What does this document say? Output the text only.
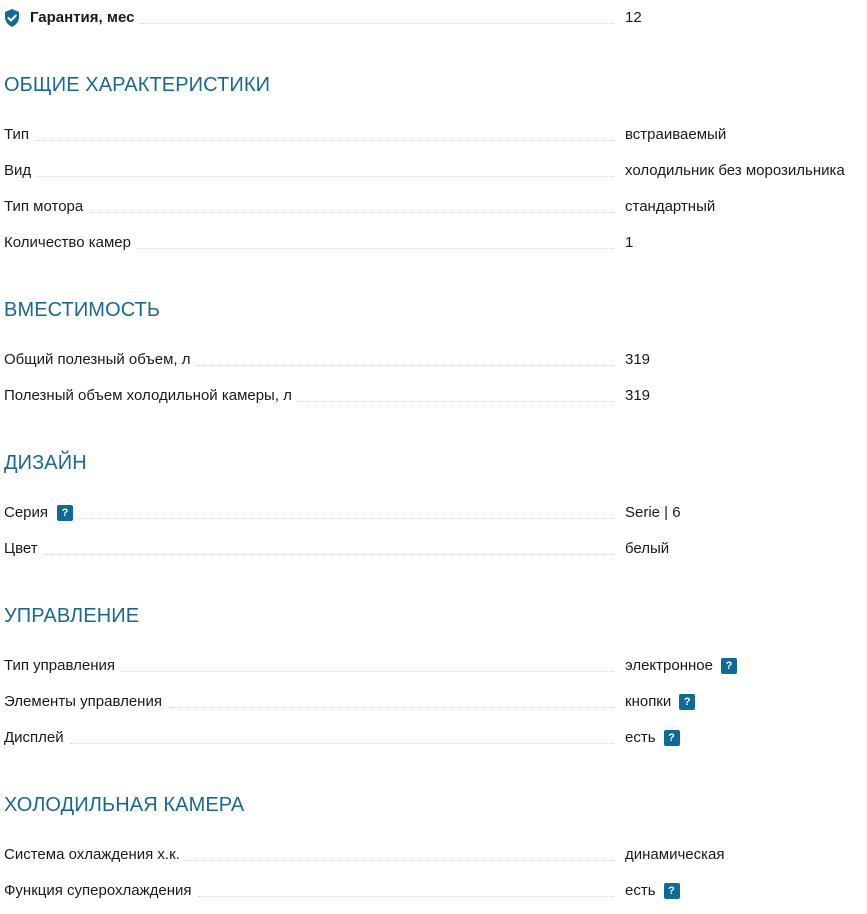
Гарантия, мес	12
ОБЩИЕ ХАРАКТЕРИСТИКИ
Тип	встраиваемый
Вид	холодильник без морозильника
Тип мотора	стандартный
Количество камер	1
ВМЕСТИМОСТЬ
Общий полезный объем, л	319
Полезный объем холодильной камеры, л	319
ДИЗАЙН
Серия	?	Serie | 6
Цвет	белый
УПРАВЛЕНИЕ
Тип управления	электронное	?
Элементы управления	кнопки	?
Дисплей	есть	?
ХОЛОДИЛЬНАЯ КАМЕРА
Система охлаждения х.к.	динамическая
Функция суперохлаждения	есть	?
